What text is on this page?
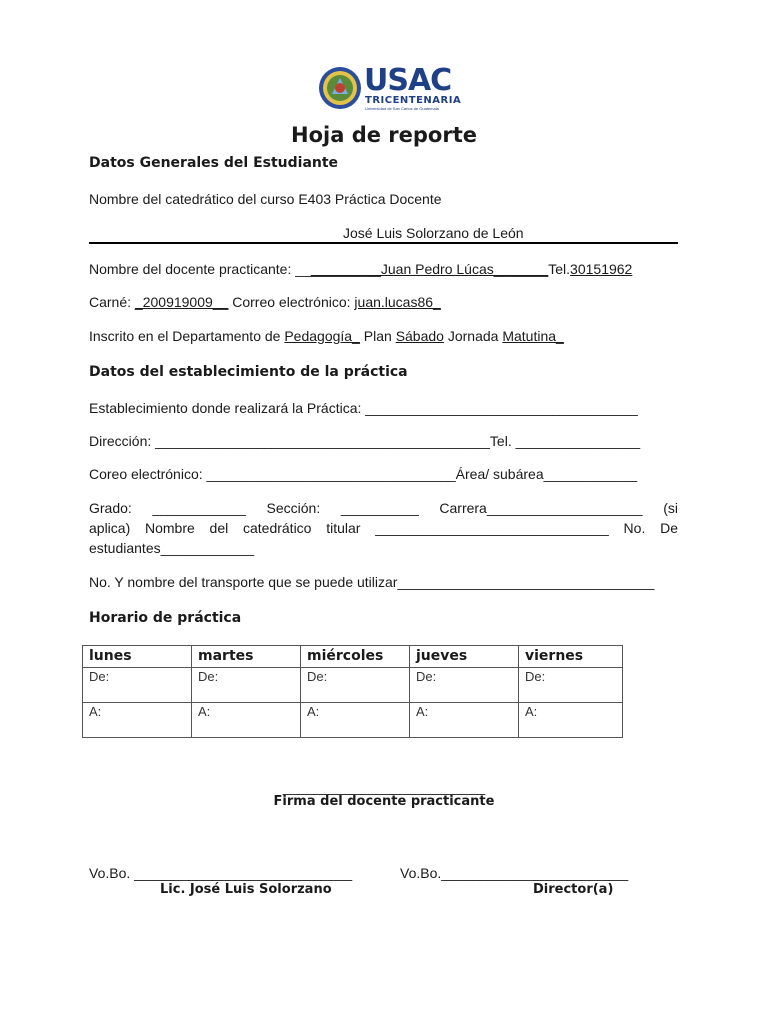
USAC
TRICENTENARIA
Universidad de San Carlos de Guatemala
Hoja de reporte
Datos Generales del Estudiante
Nombre del catedrático del curso E403 Práctica Docente
José Luis Solorzano de León
Nombre del docente practicante: ___________Juan Pedro Lúcas_______Tel.30151962
Carné: _200919009__ Correo electrónico: juan.lucas86_
Inscrito en el Departamento de Pedagogía_ Plan Sábado Jornada Matutina_
Datos del establecimiento de la práctica
Establecimiento donde realizará la Práctica: ___________________________________
Dirección: ___________________________________________Tel. ________________
Coreo electrónico: ________________________________Área/ subárea____________
Grado: ____________ Sección: __________ Carrera____________________ (si
aplica) Nombre del catedrático titular ______________________________ No. De
estudiantes____________
No. Y nombre del transporte que se puede utilizar_________________________________
Horario de práctica
lunes	martes	miércoles	jueves	viernes
De:	De:	De:	De:	De:
A:	A:	A:	A:	A:
__________________________
Firma del docente practicante
Vo.Bo. ____________________________
Lic. José Luis Solorzano
Vo.Bo.________________________
Director(a)
